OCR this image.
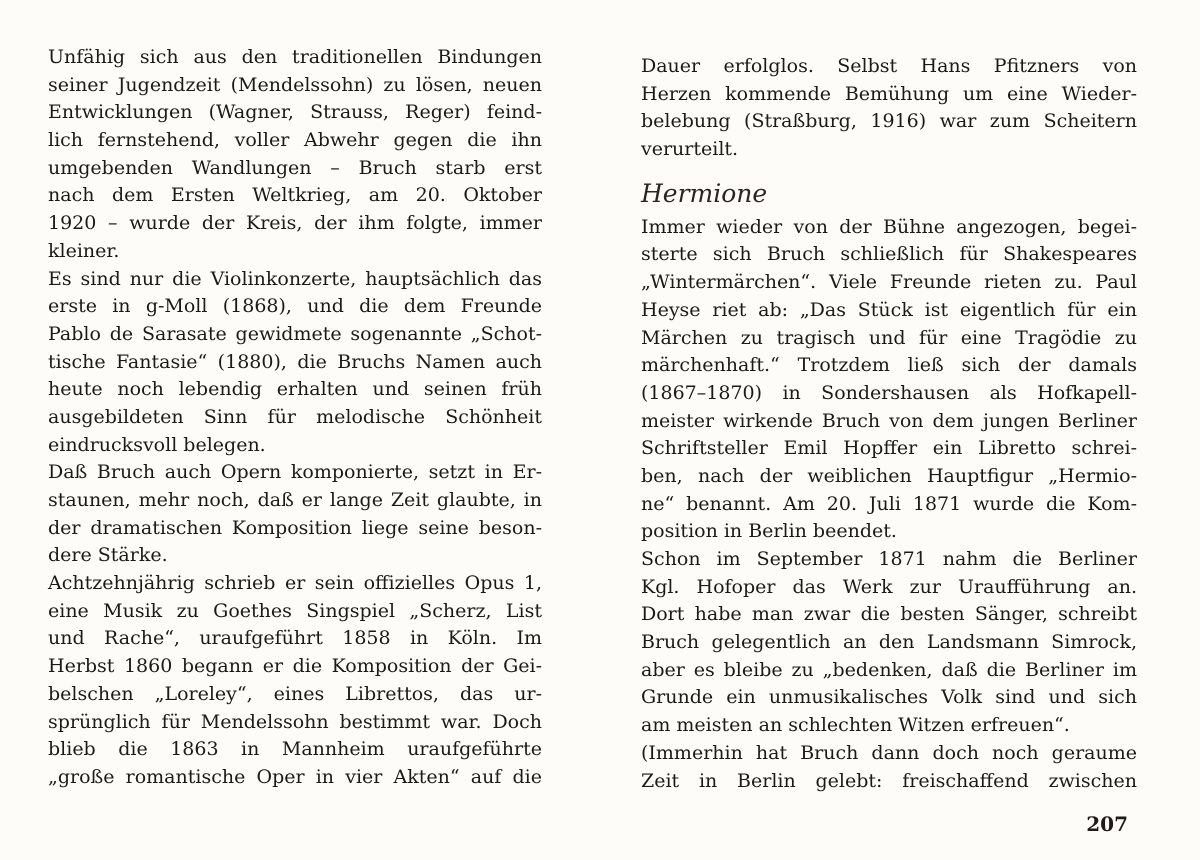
Unfähig sich aus den traditionellen Bindungen
seiner Jugendzeit (Mendelssohn) zu lösen, neuen
Entwicklungen (Wagner, Strauss, Reger) feind-
lich fernstehend, voller Abwehr gegen die ihn
umgebenden Wandlungen – Bruch starb erst
nach dem Ersten Weltkrieg, am 20. Oktober
1920 – wurde der Kreis, der ihm folgte, immer
kleiner.
Es sind nur die Violinkonzerte, hauptsächlich das
erste in g-Moll (1868), und die dem Freunde
Pablo de Sarasate gewidmete sogenannte „Schot-
tische Fantasie“ (1880), die Bruchs Namen auch
heute noch lebendig erhalten und seinen früh
ausgebildeten Sinn für melodische Schönheit
eindrucksvoll belegen.
Daß Bruch auch Opern komponierte, setzt in Er-
staunen, mehr noch, daß er lange Zeit glaubte, in
der dramatischen Komposition liege seine beson-
dere Stärke.
Achtzehnjährig schrieb er sein offizielles Opus 1,
eine Musik zu Goethes Singspiel „Scherz, List
und Rache“, uraufgeführt 1858 in Köln. Im
Herbst 1860 begann er die Komposition der Gei-
belschen „Loreley“, eines Librettos, das ur-
sprünglich für Mendelssohn bestimmt war. Doch
blieb die 1863 in Mannheim uraufgeführte
„große romantische Oper in vier Akten“ auf die
Dauer erfolglos. Selbst Hans Pfitzners von
Herzen kommende Bemühung um eine Wieder-
belebung (Straßburg, 1916) war zum Scheitern
verurteilt.
Hermione
Immer wieder von der Bühne angezogen, begei-
sterte sich Bruch schließlich für Shakespeares
„Wintermärchen“. Viele Freunde rieten zu. Paul
Heyse riet ab: „Das Stück ist eigentlich für ein
Märchen zu tragisch und für eine Tragödie zu
märchenhaft.“ Trotzdem ließ sich der damals
(1867–1870) in Sondershausen als Hofkapell-
meister wirkende Bruch von dem jungen Berliner
Schriftsteller Emil Hopffer ein Libretto schrei-
ben, nach der weiblichen Hauptfigur „Hermio-
ne“ benannt. Am 20. Juli 1871 wurde die Kom-
position in Berlin beendet.
Schon im September 1871 nahm die Berliner
Kgl. Hofoper das Werk zur Uraufführung an.
Dort habe man zwar die besten Sänger, schreibt
Bruch gelegentlich an den Landsmann Simrock,
aber es bleibe zu „bedenken, daß die Berliner im
Grunde ein unmusikalisches Volk sind und sich
am meisten an schlechten Witzen erfreuen“.
(Immerhin hat Bruch dann doch noch geraume
Zeit in Berlin gelebt: freischaffend zwischen
207
